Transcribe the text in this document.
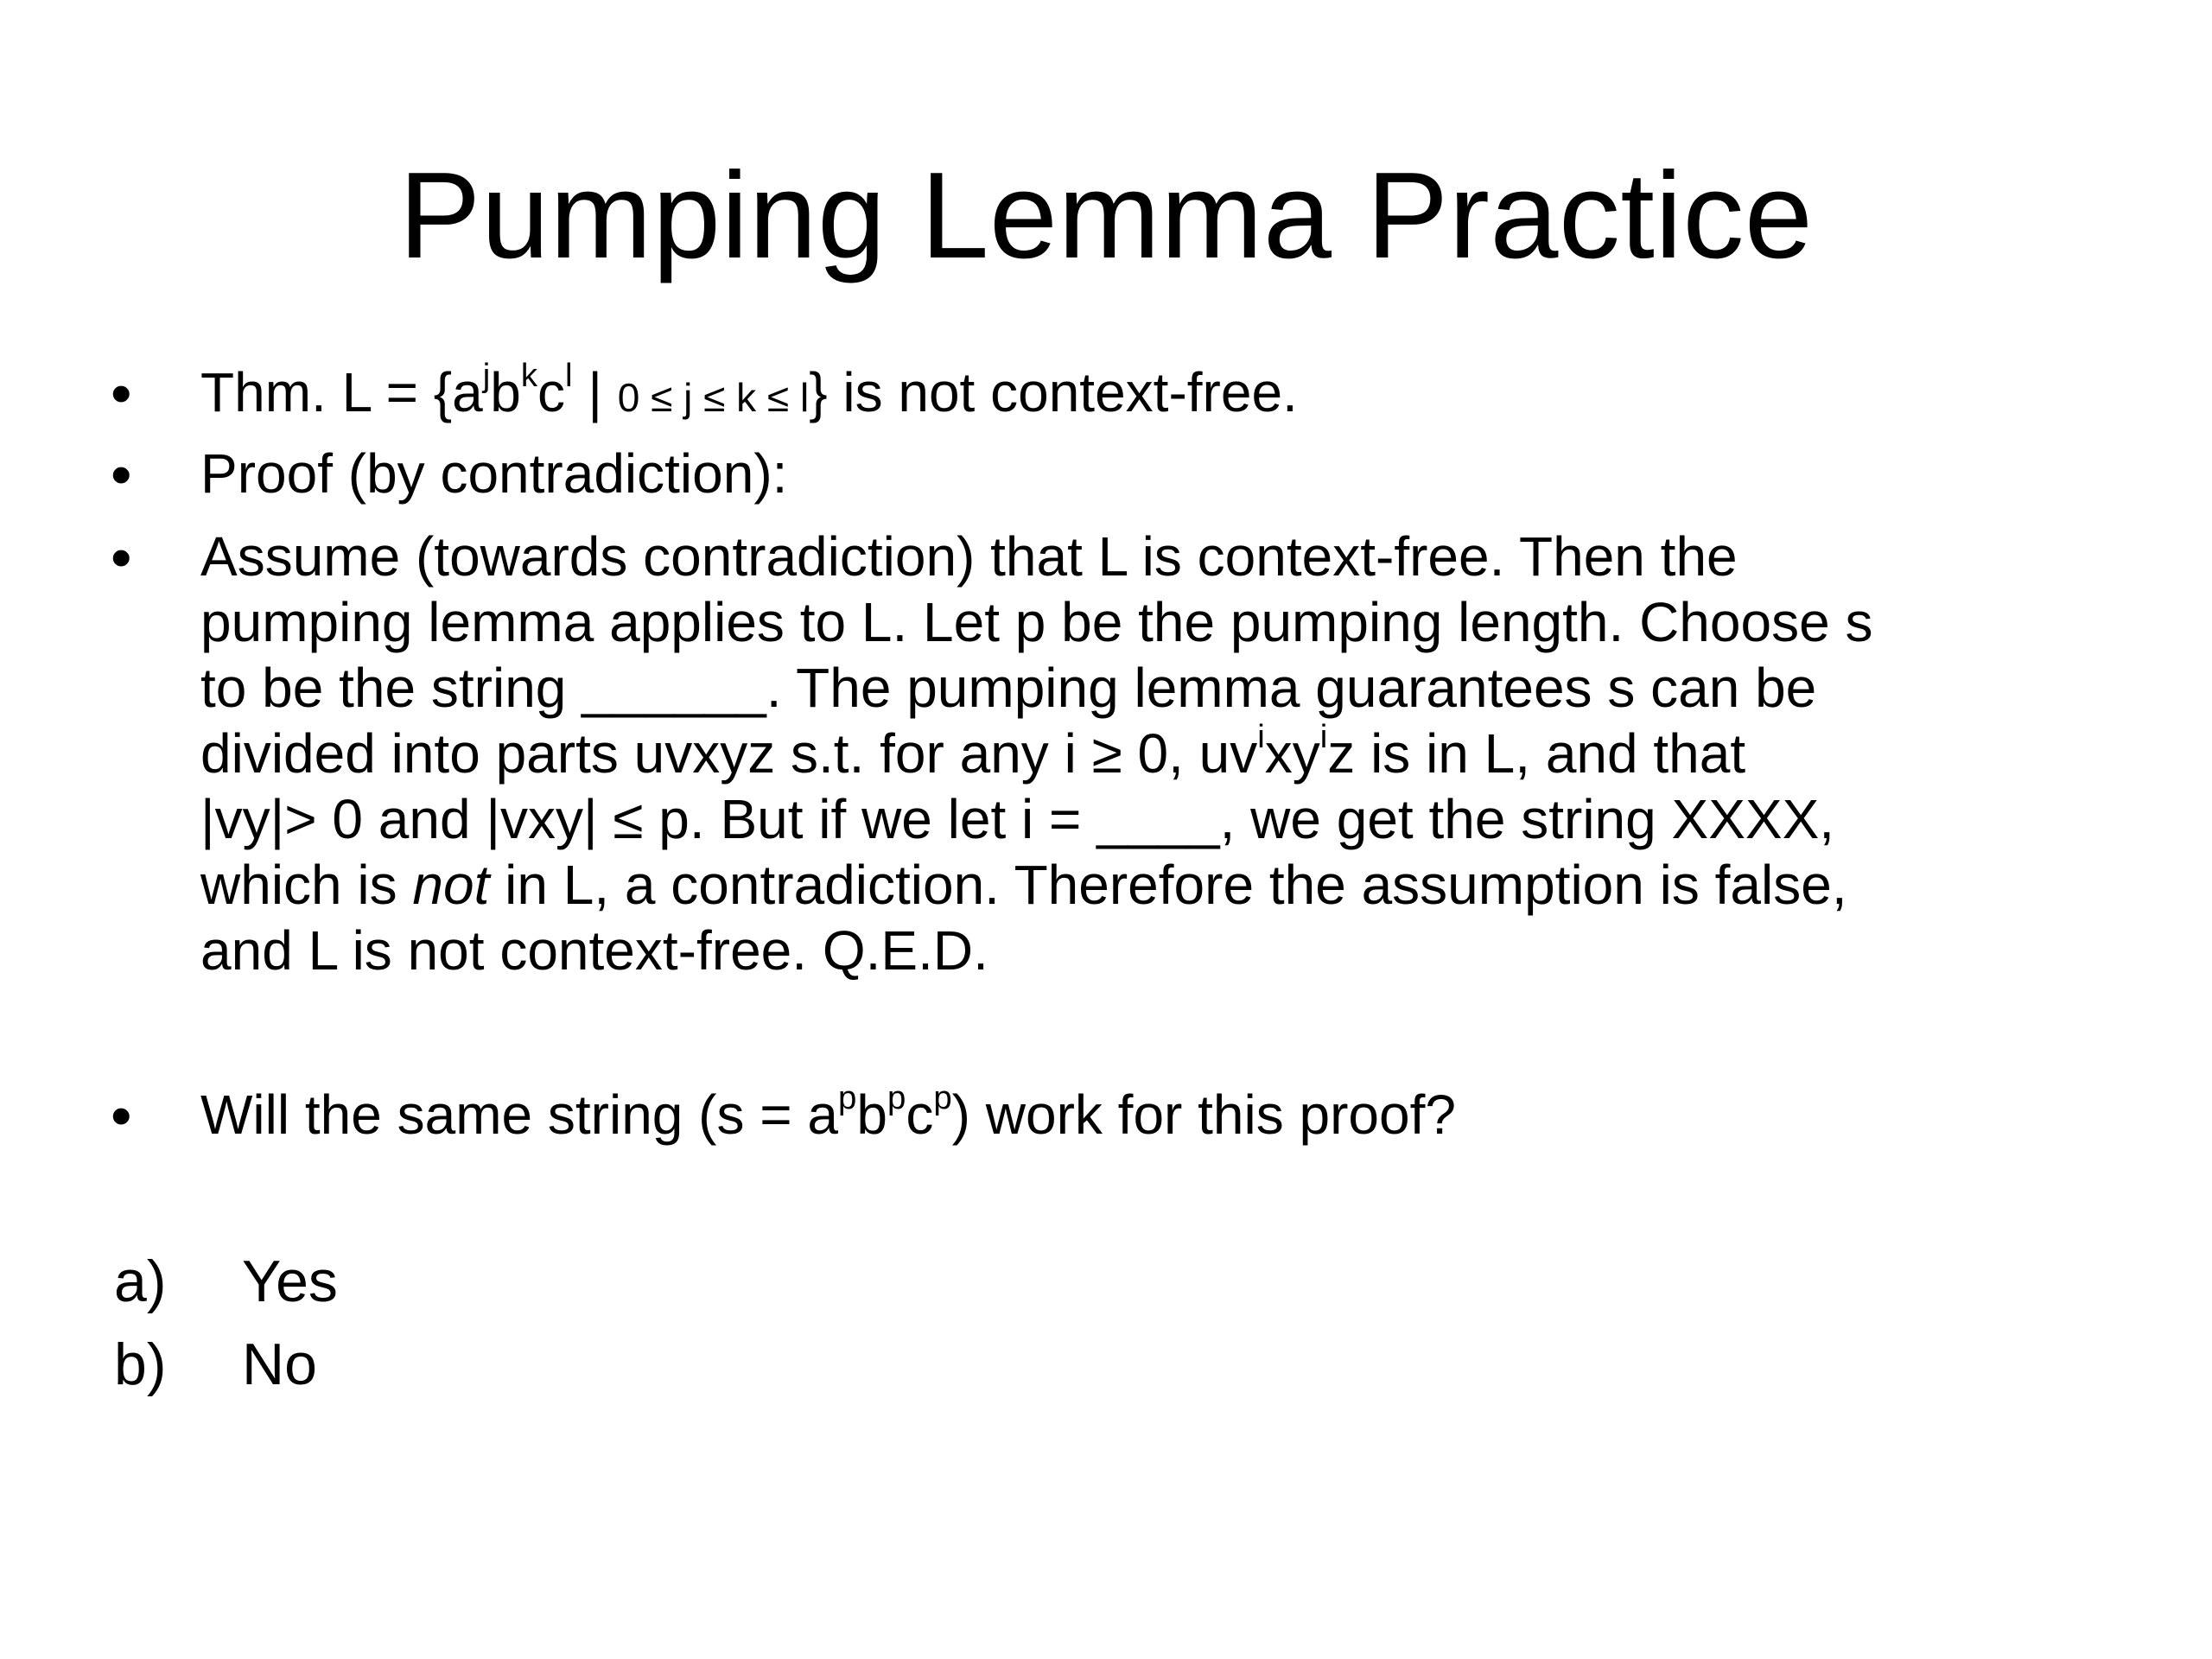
Pumping Lemma Practice
• Thm. $L = \{a^jb^kc^l$ | 0 ≤ j ≤ k ≤ l} is not context-free.
• Proof (by contradiction):
• Assume (towards contradiction) that L is context-free. Then the
pumping lemma applies to L. Let p be the pumping length. Choose s
to be the string ______. The pumping lemma guarantees s can be
divided into parts uvxyz s.t. for any i ≥ 0, $uv^ixy^iz$ is in L, and that
|vy|> 0 and |vxy| ≤ p. But if we let i = ____, we get the string XXXX,
which is not in L, a contradiction. Therefore the assumption is false,
and L is not context-free. Q.E.D.
• Will the same string $(s = a^pb^pc^p)$ work for this proof?
a) Yes
b) No
